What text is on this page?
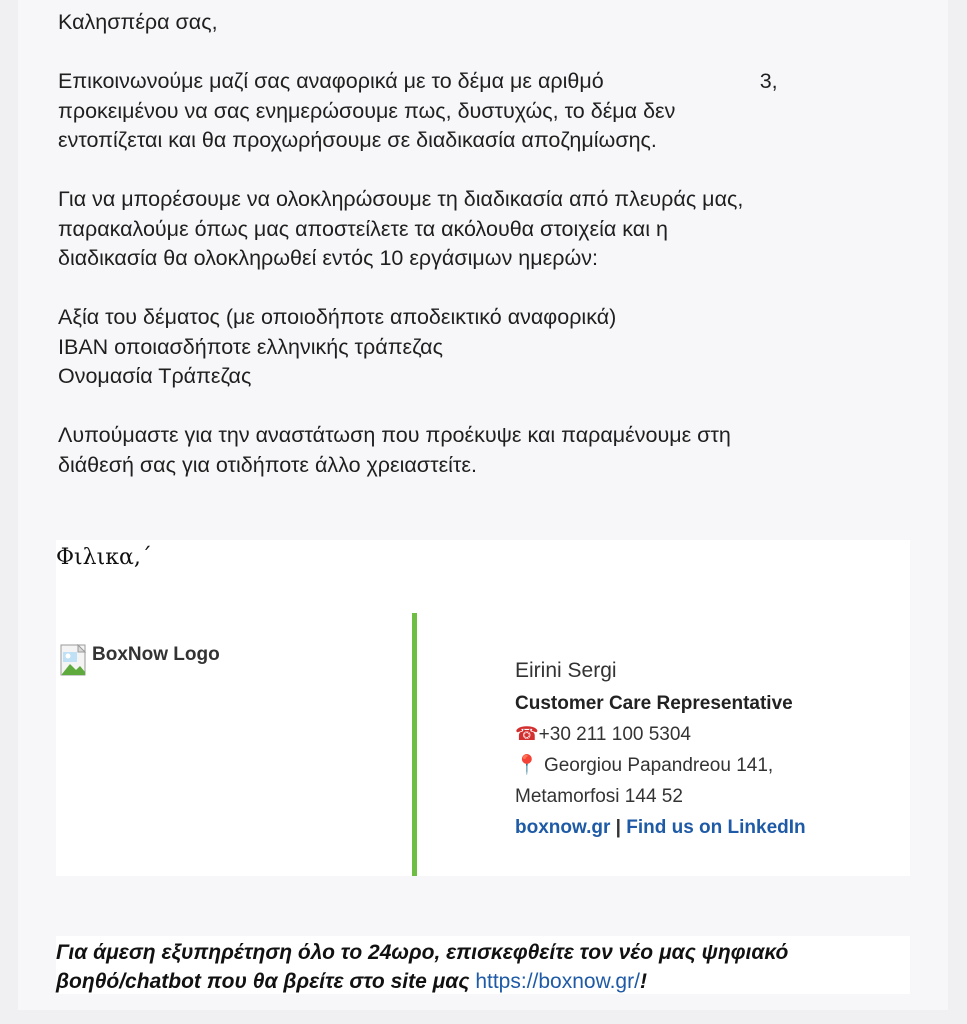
Καλησπέρα σας,

Επικοινωνούμε μαζί σας αναφορικά με το δέμα με αριθμό	3,
προκειμένου να σας ενημερώσουμε πως, δυστυχώς, το δέμα δεν
εντοπίζεται και θα προχωρήσουμε σε διαδικασία αποζημίωσης.

Για να μπορέσουμε να ολοκληρώσουμε τη διαδικασία από πλευράς μας,
παρακαλούμε όπως μας αποστείλετε τα ακόλουθα στοιχεία και η
διαδικασία θα ολοκληρωθεί εντός 10 εργάσιμων ημερών:

Αξία του δέματος (με οποιοδήποτε αποδεικτικό αναφορικά)
IBAN οποιασδήποτε ελληνικής τράπεζας
Ονομασία Τράπεζας

Λυπούμαστε για την αναστάτωση που προέκυψε και παραμένουμε στη
διάθεσή σας για οτιδήποτε άλλο χρειαστείτε.

Φιλικα,΄
BoxNow Logo
Eirini Sergi
Customer Care Representative
☎+30 211 100 5304
📍 Georgiou Papandreou 141,
Metamorfosi 144 52
boxnow.gr | Find us on LinkedIn
Για άμεση εξυπηρέτηση όλο το 24ωρο, επισκεφθείτε τον νέο μας ψηφιακό βοηθό/chatbot που θα βρείτε στο site μας https://boxnow.gr/!
